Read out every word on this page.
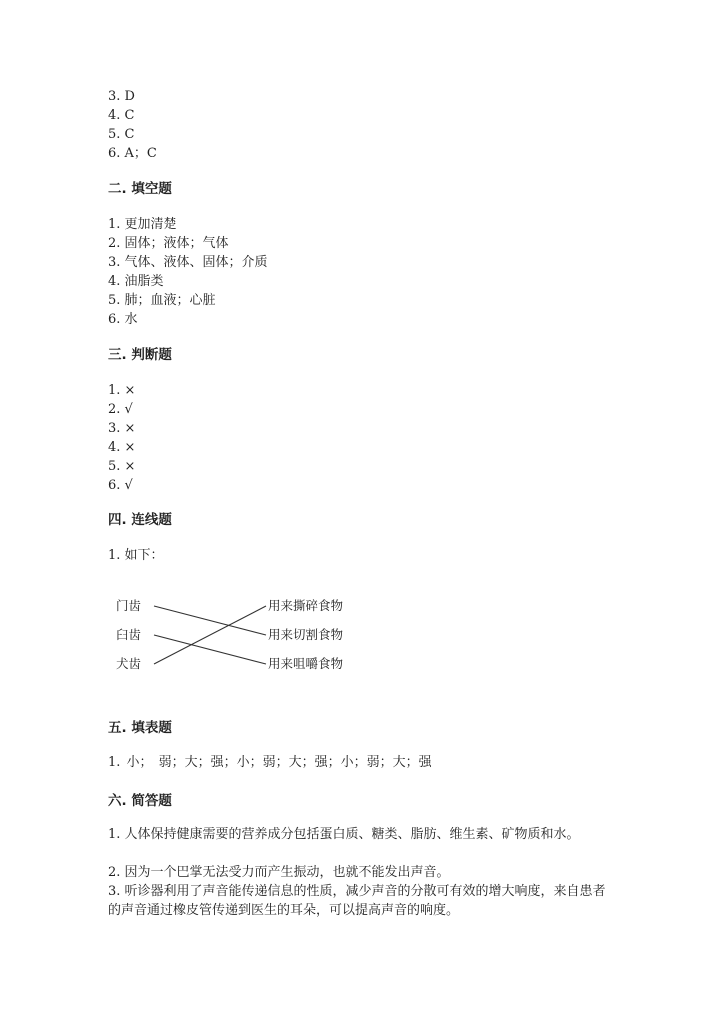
3. D
4. C
5. C
6. A；C
二. 填空题
1. 更加清楚
2. 固体；液体；气体
3. 气体、液体、固体；介质
4. 油脂类
5. 肺；血液；心脏
6. 水
三. 判断题
1. ×
2. √
3. ×
4. ×
5. ×
6. √
四. 连线题
1. 如下：
门齿
臼齿
犬齿
用来撕碎食物
用来切割食物
用来咀嚼食物
五. 填表题
1. 小； 弱；大；强；小；弱；大；强；小；弱；大；强
六. 简答题
1. 人体保持健康需要的营养成分包括蛋白质、糖类、脂肪、维生素、矿物质和水。
2. 因为一个巴掌无法受力而产生振动，也就不能发出声音。
3. 听诊器利用了声音能传递信息的性质，减少声音的分散可有效的增大响度，来自患者的声音通过橡皮管传递到医生的耳朵，可以提高声音的响度。
